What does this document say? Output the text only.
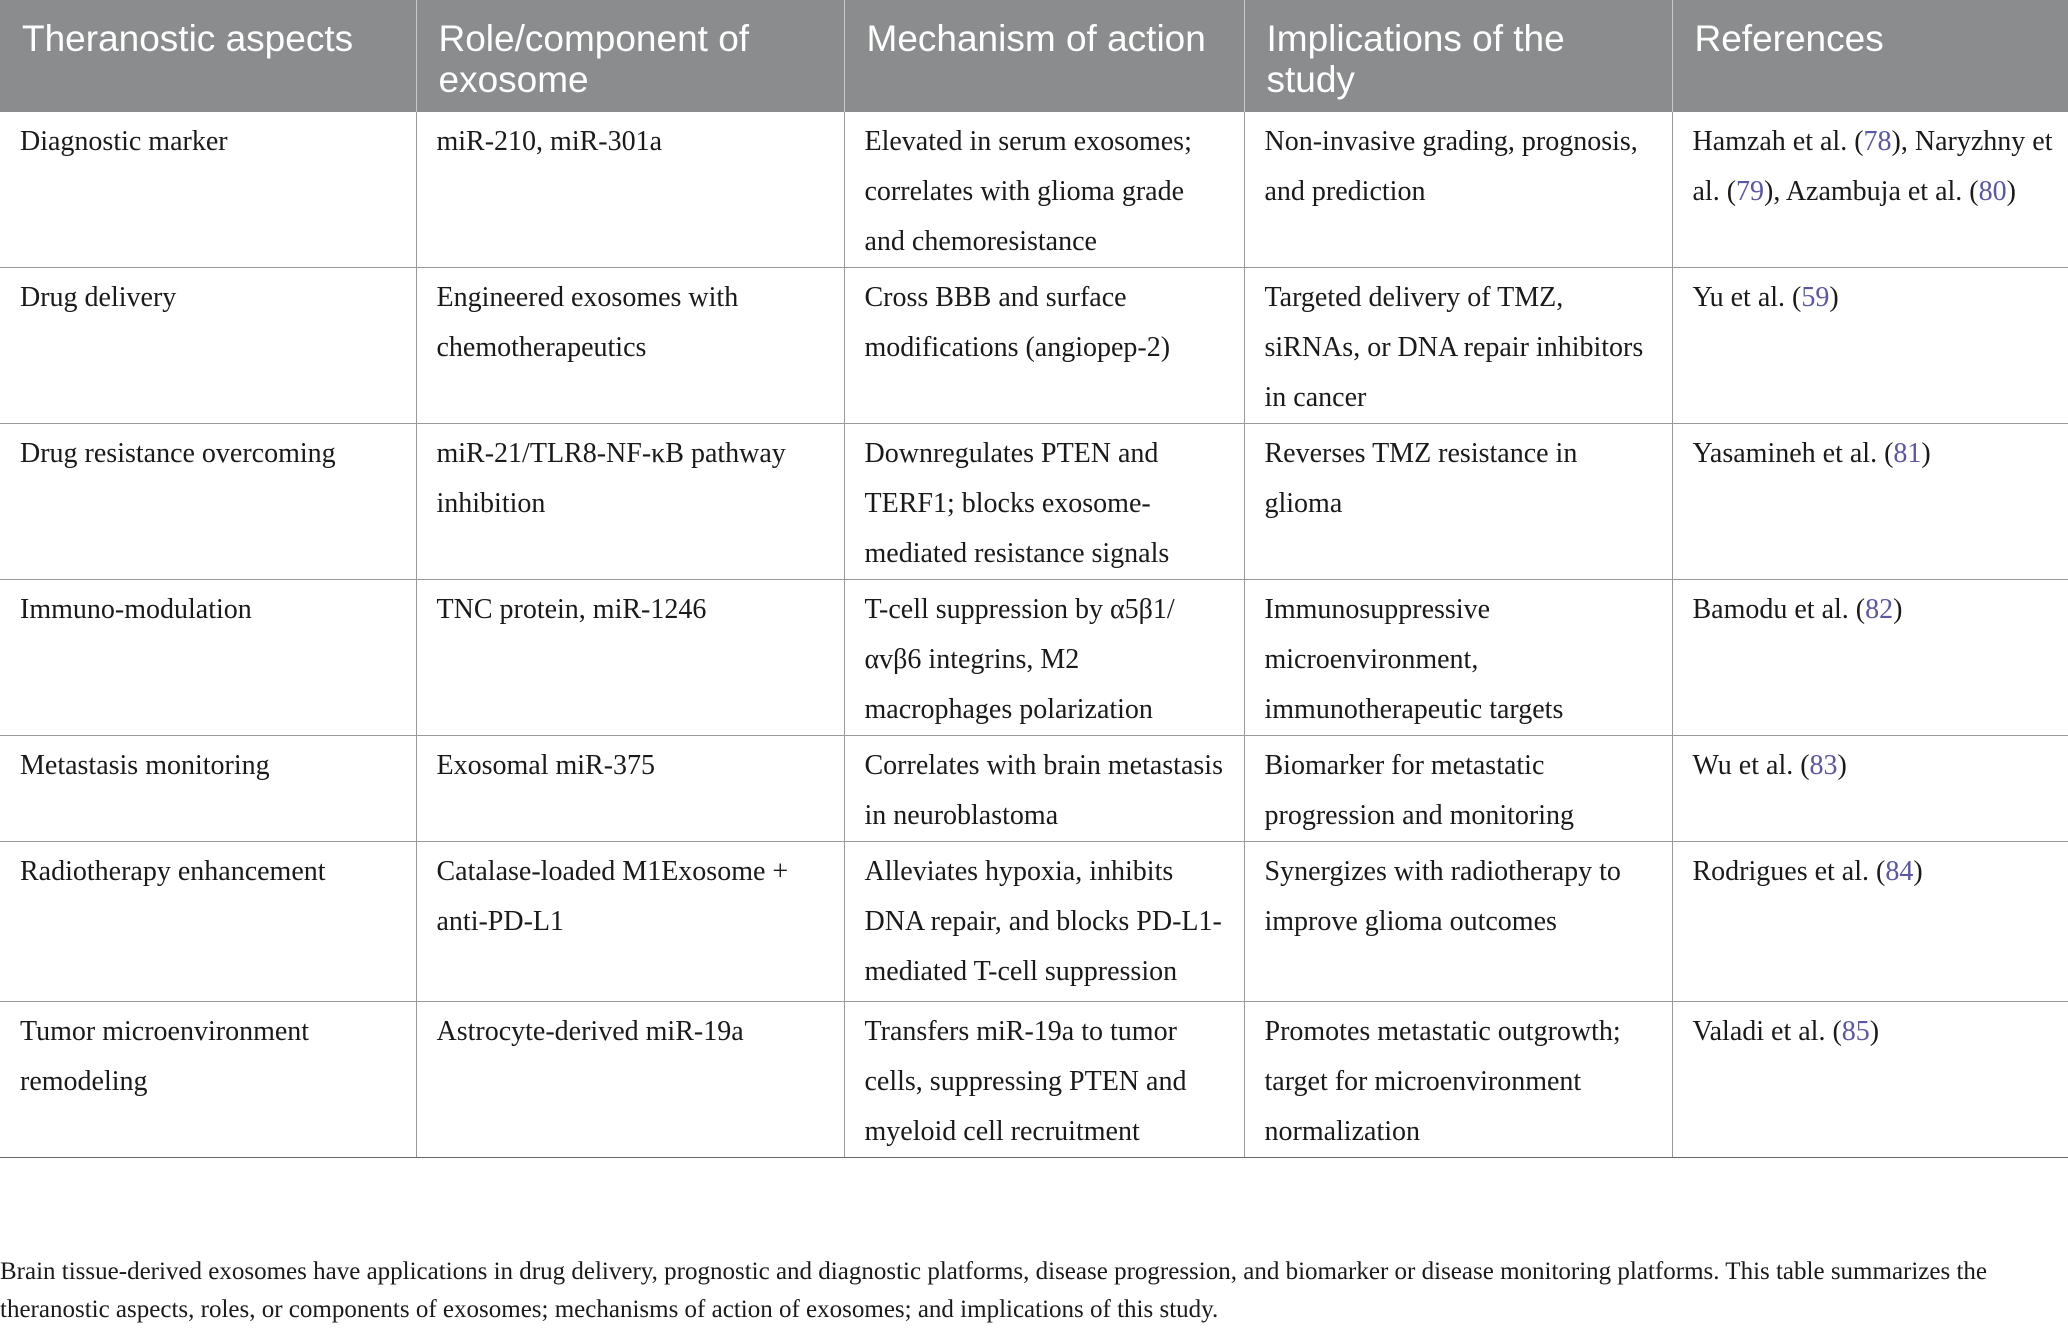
Theranostic aspects	Role/component of exosome	Mechanism of action	Implications of the study	References
Diagnostic marker	miR-210, miR-301a	Elevated in serum exosomes; correlates with glioma grade and chemoresistance	Non-invasive grading, prognosis, and prediction	Hamzah et al. (78), Naryzhny et al. (79), Azambuja et al. (80)
Drug delivery	Engineered exosomes with chemotherapeutics	Cross BBB and surface modifications (angiopep-2)	Targeted delivery of TMZ, siRNAs, or DNA repair inhibitors in cancer	Yu et al. (59)
Drug resistance overcoming	miR-21/TLR8-NF-κB pathway inhibition	Downregulates PTEN and TERF1; blocks exosome-mediated resistance signals	Reverses TMZ resistance in glioma	Yasamineh et al. (81)
Immuno-modulation	TNC protein, miR-1246	T-cell suppression by α5β1/αvβ6 integrins, M2 macrophages polarization	Immunosuppressive microenvironment, immunotherapeutic targets	Bamodu et al. (82)
Metastasis monitoring	Exosomal miR-375	Correlates with brain metastasis in neuroblastoma	Biomarker for metastatic progression and monitoring	Wu et al. (83)
Radiotherapy enhancement	Catalase-loaded M1Exosome + anti-PD-L1	Alleviates hypoxia, inhibits DNA repair, and blocks PD-L1-mediated T-cell suppression	Synergizes with radiotherapy to improve glioma outcomes	Rodrigues et al. (84)
Tumor microenvironment remodeling	Astrocyte-derived miR-19a	Transfers miR-19a to tumor cells, suppressing PTEN and myeloid cell recruitment	Promotes metastatic outgrowth; target for microenvironment normalization	Valadi et al. (85)
Brain tissue-derived exosomes have applications in drug delivery, prognostic and diagnostic platforms, disease progression, and biomarker or disease monitoring platforms. This table summarizes the theranostic aspects, roles, or components of exosomes; mechanisms of action of exosomes; and implications of this study.
